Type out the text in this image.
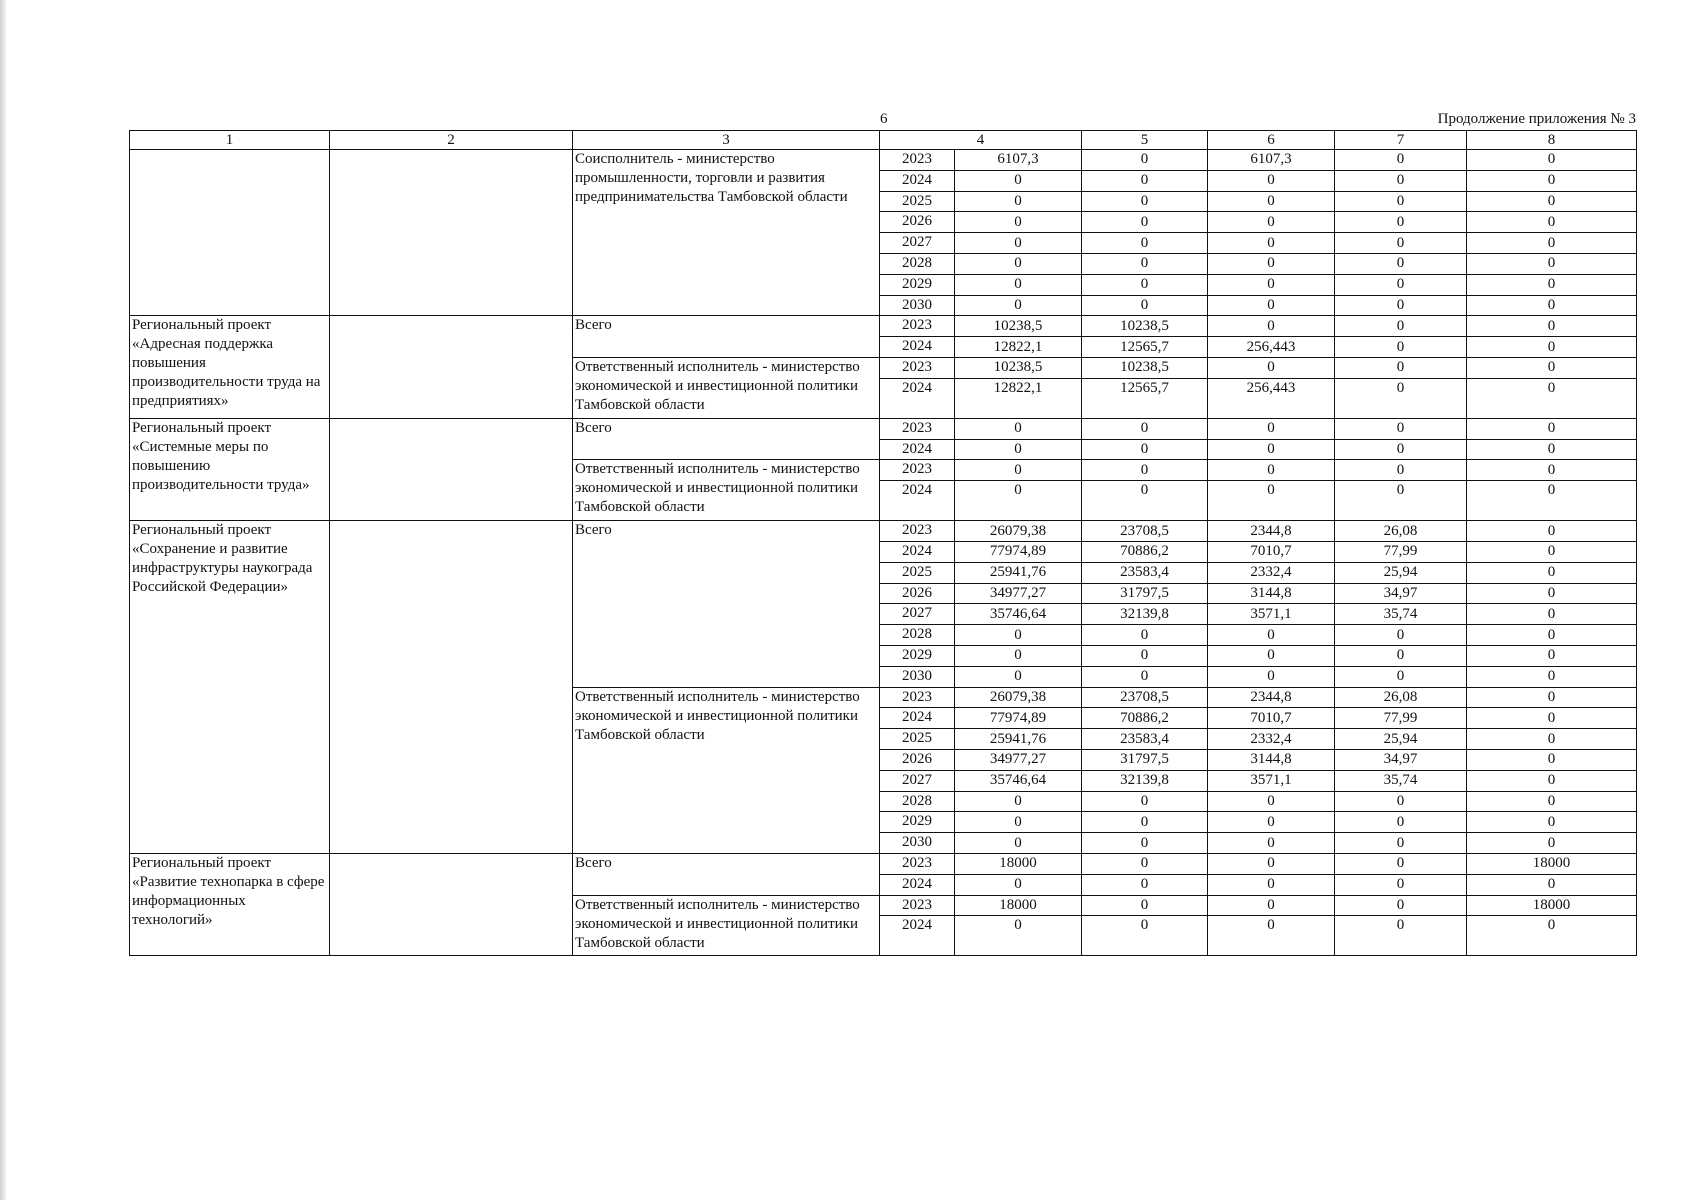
6	Продолжение приложения № 3
1	2	3	4		5	6	7	8
		Соисполнитель - министерство промышленности, торговли и развития предпринимательства Тамбовской области	2023	6107,3	0	6107,3	0	0
			2024	0	0	0	0	0
			2025	0	0	0	0	0
			2026	0	0	0	0	0
			2027	0	0	0	0	0
			2028	0	0	0	0	0
			2029	0	0	0	0	0
			2030	0	0	0	0	0
Региональный проект «Адресная поддержка повышения производительности труда на предприятиях»		Всего	2023	10238,5	10238,5	0	0	0
			2024	12822,1	12565,7	256,443	0	0
		Ответственный исполнитель - министерство экономической и инвестиционной политики Тамбовской области	2023	10238,5	10238,5	0	0	0
			2024	12822,1	12565,7	256,443	0	0

Региональный проект «Системные меры по повышению производительности труда»		Всего	2023	0	0	0	0	0
			2024	0	0	0	0	0
		Ответственный исполнитель - министерство экономической и инвестиционной политики Тамбовской области	2023	0	0	0	0	0
			2024	0	0	0	0	0

Региональный проект «Сохранение и развитие инфраструктуры наукограда Российской Федерации»		Всего	2023	26079,38	23708,5	2344,8	26,08	0
			2024	77974,89	70886,2	7010,7	77,99	0
			2025	25941,76	23583,4	2332,4	25,94	0
			2026	34977,27	31797,5	3144,8	34,97	0
			2027	35746,64	32139,8	3571,1	35,74	0
			2028	0	0	0	0	0
			2029	0	0	0	0	0
			2030	0	0	0	0	0
		Ответственный исполнитель - министерство экономической и инвестиционной политики Тамбовской области	2023	26079,38	23708,5	2344,8	26,08	0
			2024	77974,89	70886,2	7010,7	77,99	0
			2025	25941,76	23583,4	2332,4	25,94	0
			2026	34977,27	31797,5	3144,8	34,97	0
			2027	35746,64	32139,8	3571,1	35,74	0
			2028	0	0	0	0	0
			2029	0	0	0	0	0
			2030	0	0	0	0	0
Региональный проект «Развитие технопарка в сфере информационных технологий»		Всего	2023	18000	0	0	0	18000
			2024	0	0	0	0	0
		Ответственный исполнитель - министерство экономической и инвестиционной политики Тамбовской области	2023	18000	0	0	0	18000
			2024	0	0	0	0	0
